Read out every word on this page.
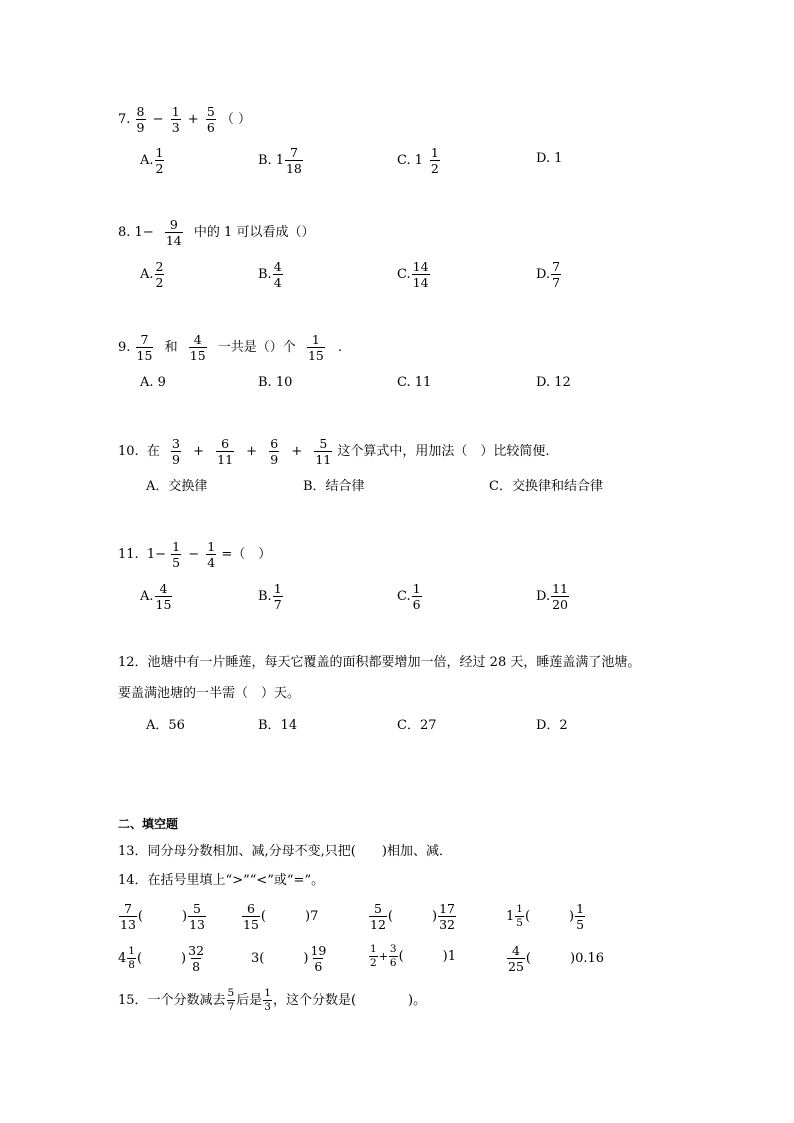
7. $\frac{8}{9} - \frac{1}{3} + \frac{5}{6}$ （ ）
A. $\frac{1}{2}$	B. $1 \frac{7}{18}$	C. $1 \frac{1}{2}$	D. 1
8. $1- \frac{9}{14}$ 中的 1 可以看成（）
A. $\frac{2}{2}$	B. $\frac{4}{4}$	C. $\frac{14}{14}$	D. $\frac{7}{7}$
9. $\frac{7}{15}$ 和 $\frac{4}{15}$ 一共是（）个 $\frac{1}{15}$ .
A. 9	B. 10	C. 11	D. 12
10. 在 $\frac{3}{9} + \frac{6}{11} + \frac{6}{9} + \frac{5}{11}$ 这个算式中，用加法（　）比较简便.
A．交换律	B．结合律	C．交换律和结合律
11. $1- \frac{1}{5} - \frac{1}{4}$ =（　）
A. $\frac{4}{15}$	B. $\frac{1}{7}$	C. $\frac{1}{6}$	D. $\frac{11}{20}$
12．池塘中有一片睡莲，每天它覆盖的面积都要增加一倍，经过 28 天，睡莲盖满了池塘。
要盖满池塘的一半需（　）天。
A．56	B．14	C．27	D．2
二、填空题
13．同分母分数相加、减,分母不变,只把(　　)相加、减．
14．在括号里填上“>”“<”或“=”。
$\frac{7}{13}$ (　　　) $\frac{5}{13}$	$\frac{6}{15}$ (　　　) 7	$\frac{5}{12}$ (　　　) $\frac{17}{32}$	$1 \frac{1}{5}$ (　　　) $\frac{1}{5}$
$4 \frac{1}{8}$ (　　　) $\frac{32}{8}$	3 (　　　) $\frac{19}{6}$	$\frac{1}{2} + \frac{3}{6}$ (　　　) 1	$\frac{4}{25}$ (　　　) 0.16
15．一个分数减去 $\frac{5}{7}$ 后是 $\frac{1}{3}$ ，这个分数是(　　　　)。
